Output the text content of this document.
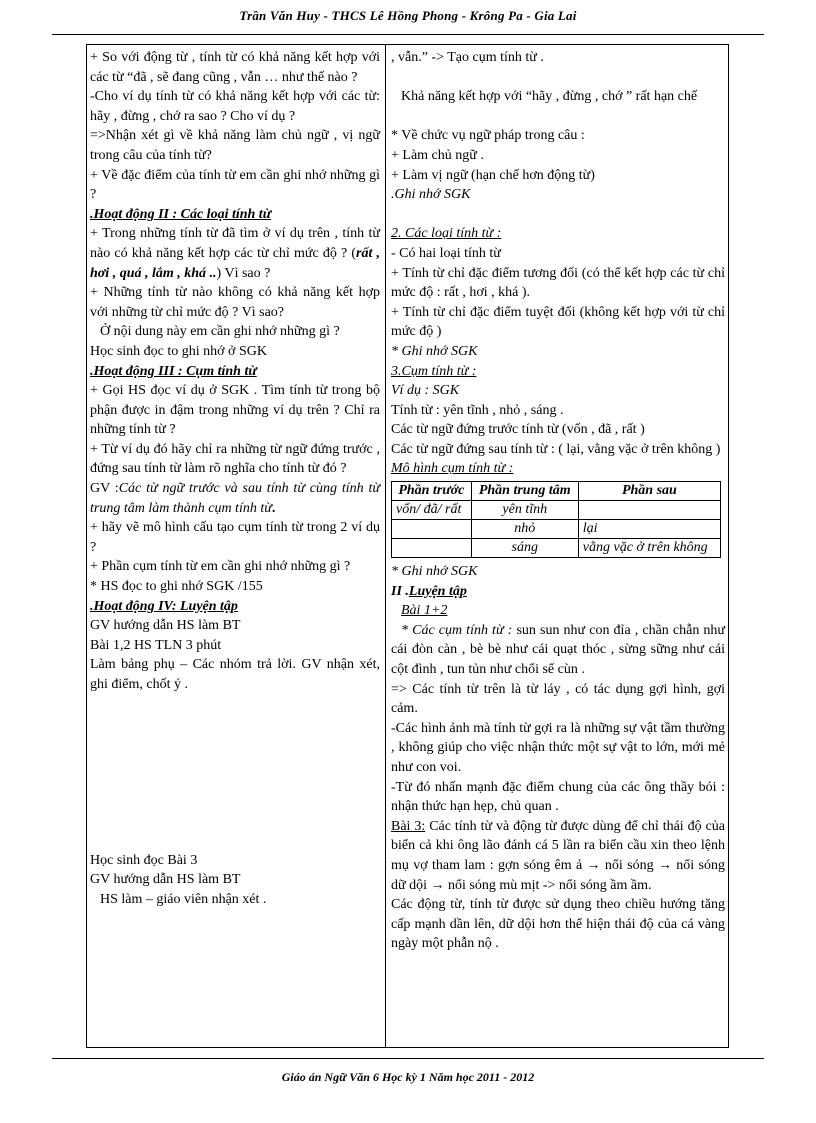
Trần Văn Huy - THCS Lê Hồng Phong - Krông Pa - Gia Lai

+ So với động từ , tính từ có khả năng kết hợp với các từ “đã , sẽ đang cũng , vẫn … như thế nào ?

-Cho ví dụ tính từ có khả năng kết hợp với các từ: hãy , đừng , chớ ra sao ? Cho ví dụ ?

=>Nhận xét gì về khả năng làm chủ ngữ , vị ngữ trong câu của tính từ?

+ Về đặc điểm của tính từ em cần ghi nhớ những gì ?

.Hoạt động II : Các loại tính từ

+ Trong những tính từ đã tìm ở ví dụ trên , tính từ nào có khả năng kết hợp các từ chỉ mức độ ? (rất , hơi , quá , lắm , khá ..) Vì sao ?

+ Những tính từ nào không có khả năng kết hợp với những từ chỉ mức độ ? Vì sao?

Ở nội dung này em cần ghi nhớ những gì ?

Học sinh đọc to ghi nhớ ở SGK

.Hoạt động III : Cụm tính từ

+ Gọi HS đọc ví dụ ở SGK . Tìm tính từ trong bộ phận được in đậm trong những ví dụ trên ? Chỉ ra những tính từ ?

+ Từ ví dụ đó hãy chỉ ra những từ ngữ đứng trước , đứng sau tính từ làm rõ nghĩa cho tính từ đó ?

GV :Các từ ngữ trước và sau tính từ cùng tính từ trung tâm làm thành cụm tính từ.

+ hãy vẽ mô hình cấu tạo cụm tính từ trong 2 ví dụ ?

+ Phần cụm tính từ em cần ghi nhớ những gì ?

* HS đọc to ghi nhớ SGK /155

.Hoạt động IV: Luyện tập

GV hướng dẫn HS làm BT

Bài 1,2 HS TLN 3 phút

Làm bảng phụ – Các nhóm trả lời. GV nhận xét, ghi điểm, chốt ý .

Học sinh đọc Bài 3

GV hướng dẫn HS làm BT

HS làm – giáo viên nhận xét .

, vẫn.” -> Tạo cụm tính từ .

Khả năng kết hợp với “hãy , đừng , chớ ” rất hạn chế

* Về chức vụ ngữ pháp trong câu :

+ Làm chủ ngữ .

+ Làm vị ngữ (hạn chế hơn động từ)

.Ghi nhớ SGK

2. Các loại tính từ :

- Có hai loại tính từ

+ Tính từ chỉ đặc điểm tương đối (có thể kết hợp các từ chỉ mức độ : rất , hơi , khá ).

+ Tính từ chỉ đặc điểm tuyệt đối (không kết hợp với từ chỉ mức độ )

* Ghi nhớ SGK

3.Cụm tính từ :

Ví dụ : SGK

Tính từ : yên tĩnh , nhỏ , sáng .

Các từ ngữ đứng trước tính từ (vốn , đã , rất )

Các từ ngữ đứng sau tính từ : ( lại, vằng vặc ở trên không )

Mô hình cụm tính từ :

Phần trước	Phần trung tâm	Phần sau
vốn/ đã/ rất	yên tĩnh	
	nhỏ	lại
	sáng	vằng vặc ở trên không

* Ghi nhớ SGK

II .Luyện tập

Bài 1+2

* Các cụm tính từ : sun sun như con đỉa , chần chẫn như cái đòn càn , bè bè như cái quạt thóc , sừng sững như cái cột đình , tun tủn như chổi sể cùn .

=> Các tính từ trên là từ láy , có tác dụng gợi hình, gợi cảm.

-Các hình ảnh mà tính từ gợi ra là những sự vật tầm thường , không giúp cho việc nhận thức một sự vật to lớn, mới mẻ như con voi.

-Từ đó nhấn mạnh đặc điểm chung của các ông thầy bói : nhận thức hạn hẹp, chủ quan .

Bài 3: Các tính từ và động từ được dùng để chỉ thái độ của biển cả khi ông lão đánh cá 5 lần ra biển cầu xin theo lệnh mụ vợ tham lam : gợn sóng êm ả → nổi sóng → nổi sóng dữ dội → nổi sóng mù mịt -> nổi sóng ầm ầm.

Các động từ, tính từ được sử dụng theo chiều hướng tăng cấp mạnh dần lên, dữ dội hơn thể hiện thái độ của cá vàng ngày một phẫn nộ .

Giáo án Ngữ Văn 6 Học kỳ 1 Năm học 2011 - 2012
